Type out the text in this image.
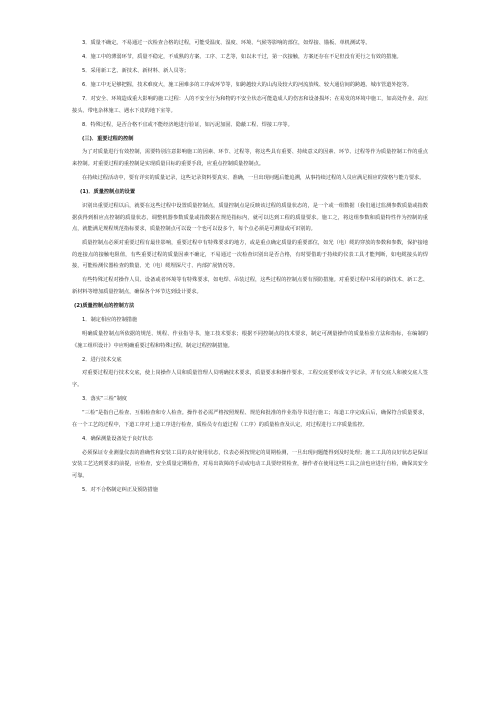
3．质量不确定。不易通过一次检查合格的过程，可能受温度、湿度、环境、气候等影响的部位，如焊接、锚板、单机测试等。

4．施工中的薄弱环节，质量不稳定，不成熟的方案、工序、工艺等，如以未干过，第一次接触，方案还存在不足但没有更行之有效的措施。

5．采用新工艺、新技术、新材料、新人员等；

6．施工中无足够把握，技术难度大，施工困难多的工序或环节等，如跨越较大的山沟及较大的河流放线、较大通信间的跨越、城市管道外挖等。

7．对安全、环境造成重大影响的施工过程：人的不安全行为和物的不安全状态可能造成人的伤害和设备损坏；在易发的环境中施工，如高处作业、高压接头、带电杂林施工、遇水下皮的地下室等。

8．特殊过程，是否合格不宜或不能经济地进行验证，如污泥加固、隐蔽工程、焊接工序等。

(三)．重要过程的控制

为了对质量进行有效控制，需要特别注意影响施工的因素、环节、过程等，将这些具有重要、持续意义的因素、环节、过程等作为质量控制工作的重点来控制。对重要过程的重控制是实现质量目标的重要手段，应重点控制质量控制点。

在持续过程活动中，要有详实的质量记录，这些记录资料要真实、准确，一旦出现问题后能追溯，从事持续过程的人员应满足相应的资格与能力要求。

(1)．质量控制点的设置

识别出重要过程以后，就要在这些过程中设置质量控制点，质量控制点是反映该过程的质量状态的，是一个或一组数据（我们通过监测参数质量或指数据获得到相应点控制的质量状态，调整机器参数质量或指数据在规范指标内，就可以达到工程的质量要求。施工之，将这组参数和质量特性作为控制的重点，就能满足规程规范指标要求，质量控制点可以设一个也可以设多个，每个点必须是可测量或可识别的。

质量控制点必须对重要过程有最佳影响，重要过程中有特殊要求的地方，或是重点确定质量的重要部位，如光（电）缆的穿放的参数和参数，保护接地的连接点的接触电阻值，有些重要过程的质量因素不确定，不易通过一次检查识别出是否合格，有时要借助于持续的仪表工具才能判断，如电缆接头的焊接，可能检测仪器检查的数量、光（电）缆埋深尺寸、内部扩展情况等。

有些特殊过程对操作人员、设备或者环境等有特殊要求，如电焊、吊装过程，这些过程的控制点要有预防措施。对重要过程中采用的新技术、新工艺、新材料等增加质量控制点，确保各个环节达到设计要求。

(2)质量控制点的控制方法

1．制定相应的控制措施

明确质量控制点所依据的规范、规程、作业指导书，施工技术要求；根据不同控制点的技术要求，制定可测量操作的质量检验方法和指标，在编制的《施工组织设计》中应明确重要过程和特殊过程，制定过程控制措施。

2．进行技术交底

对重要过程进行技术交底，使上岗操作人员和质量管理人员明确技术要求，质量要求和操作要求，工程交底要形成文字记录，并有交底人和被交底人签字。

3．落实“三检”制度

“三检”是指自己检查、互相检查和专人检查。操作者必需严格按照规程、规范和批准的作业指导书进行施工；每道工序完成后后，确保符合质量要求，在一个工艺的过程中，下道工序对上道工序进行检查，质检员专有道过程（工序）的质量检查及认定，对过程进行工序质量监控。

4．确保测量设备处于良好状态

必须保证专业测量仪表的准确性和安装工具的良好使用状态，仪表必须按规定的周期检测，一旦出现问题能得到及时处理；施工工具的良好状态是保证安装工艺达到要求的前提，应检查，安全质量定期检查，对易出故障的手动或电动工具要经常检查，操作者在使用这些工具之前也应进行自检，确保其安全可靠。

5．对不合格制定纠正及预防措施
